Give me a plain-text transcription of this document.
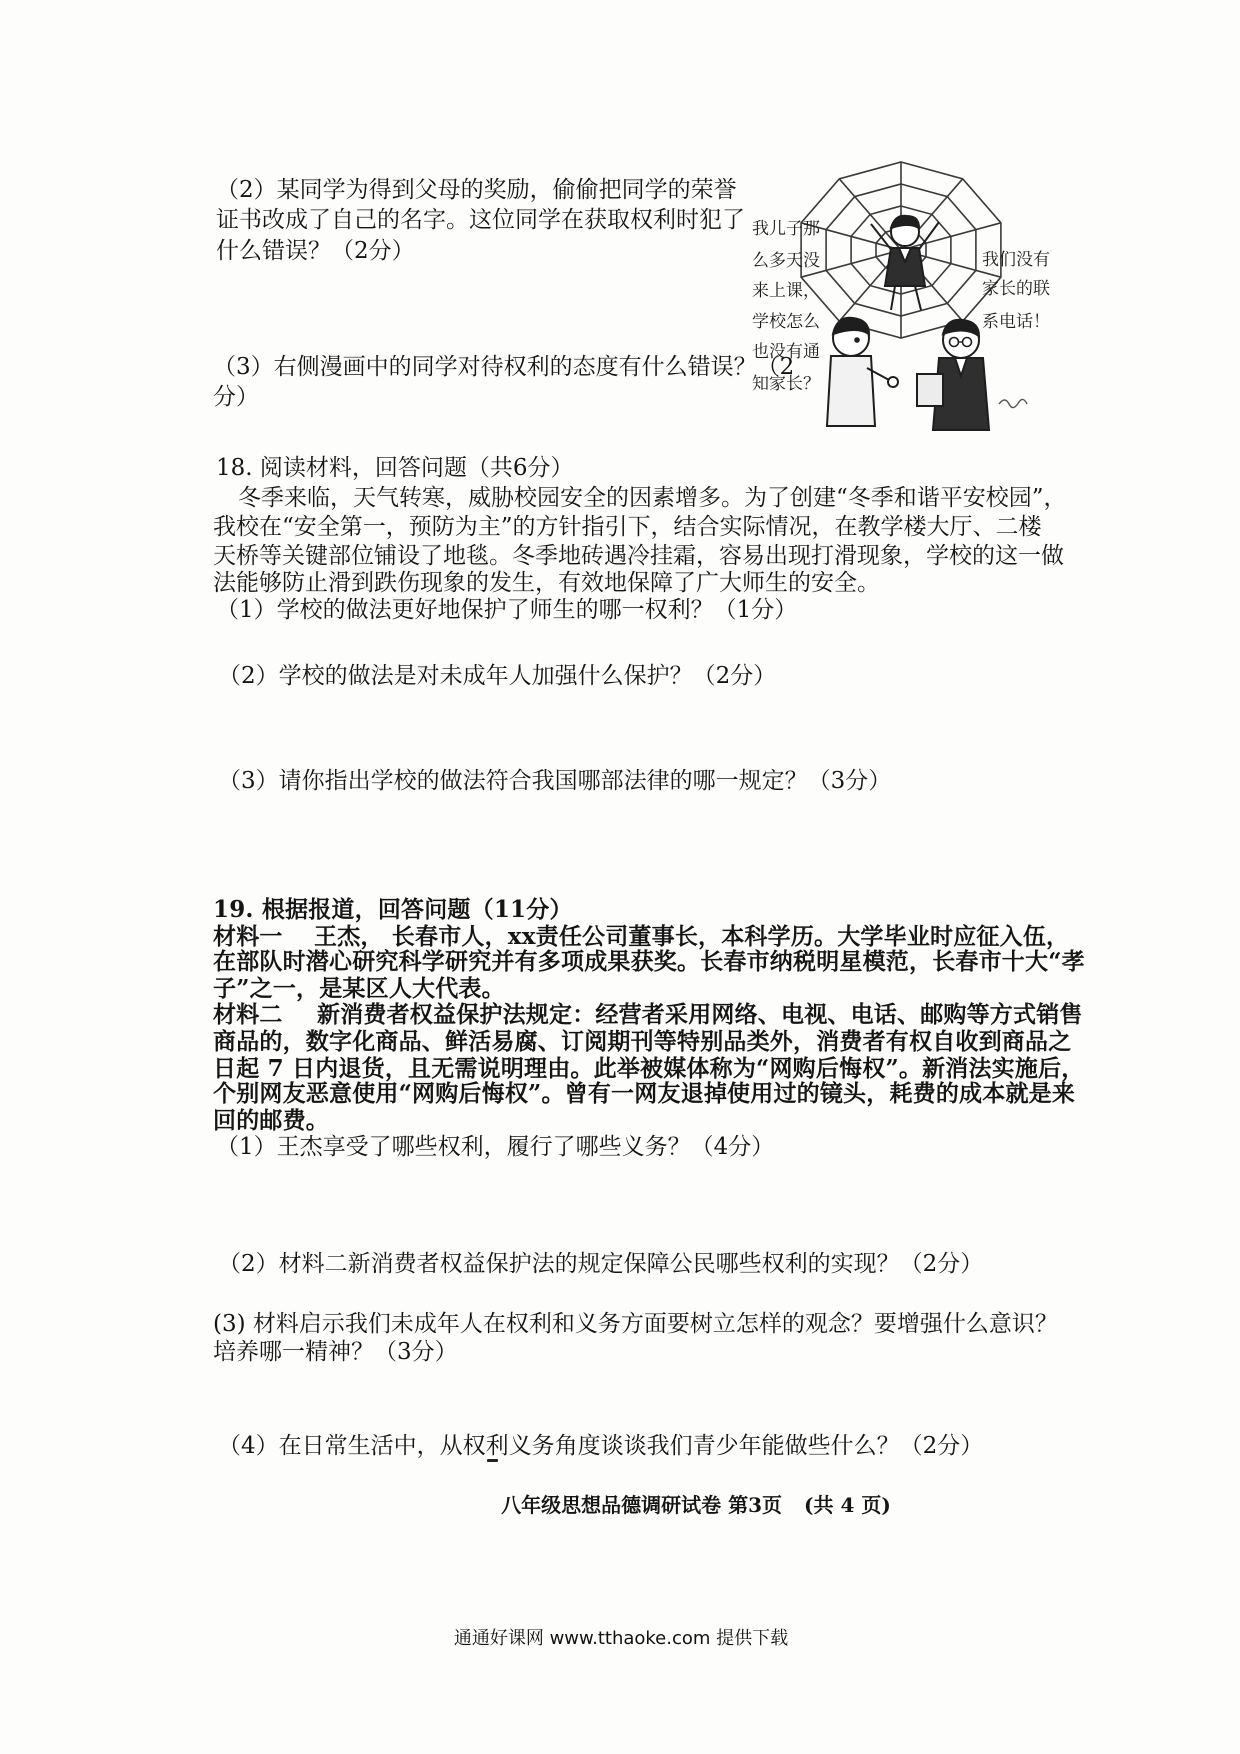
（2）某同学为得到父母的奖励，偷偷把同学的荣誉
证书改成了自己的名字。这位同学在获取权利时犯了
什么错误？（2分）
（3）右侧漫画中的同学对待权利的态度有什么错误？（2
分）
我儿子那
么多天没
来上课，
学校怎么
也没有通
知家长？
我们没有
家长的联
系电话！
18. 阅读材料，回答问题（共6分）
冬季来临，天气转寒，威胁校园安全的因素增多。为了创建“冬季和谐平安校园”，
我校在“安全第一，预防为主”的方针指引下，结合实际情况，在教学楼大厅、二楼
天桥等关键部位铺设了地毯。冬季地砖遇冷挂霜，容易出现打滑现象，学校的这一做
法能够防止滑到跌伤现象的发生，有效地保障了广大师生的安全。
（1）学校的做法更好地保护了师生的哪一权利？（1分）
（2）学校的做法是对未成年人加强什么保护？（2分）
（3）请你指出学校的做法符合我国哪部法律的哪一规定？（3分）
19. 根据报道，回答问题（11分）
材料一 王杰， 长春市人，xx责任公司董事长，本科学历。大学毕业时应征入伍，
在部队时潜心研究科学研究并有多项成果获奖。长春市纳税明星模范，长春市十大“孝
子”之一，是某区人大代表。
材料二 新消费者权益保护法规定：经营者采用网络、电视、电话、邮购等方式销售
商品的，数字化商品、鲜活易腐、订阅期刊等特别品类外，消费者有权自收到商品之
日起 7 日内退货，且无需说明理由。此举被媒体称为“网购后悔权”。新消法实施后，
个别网友恶意使用“网购后悔权”。曾有一网友退掉使用过的镜头，耗费的成本就是来
回的邮费。
（1）王杰享受了哪些权利，履行了哪些义务？（4分）
（2）材料二新消费者权益保护法的规定保障公民哪些权利的实现？（2分）
(3) 材料启示我们未成年人在权利和义务方面要树立怎样的观念？要增强什么意识？
培养哪一精神？（3分）
（4）在日常生活中，从权利义务角度谈谈我们青少年能做些什么？（2分）
八年级思想品德调研试卷 第3页 (共 4 页)
通通好课网 www.tthaoke.com 提供下载
